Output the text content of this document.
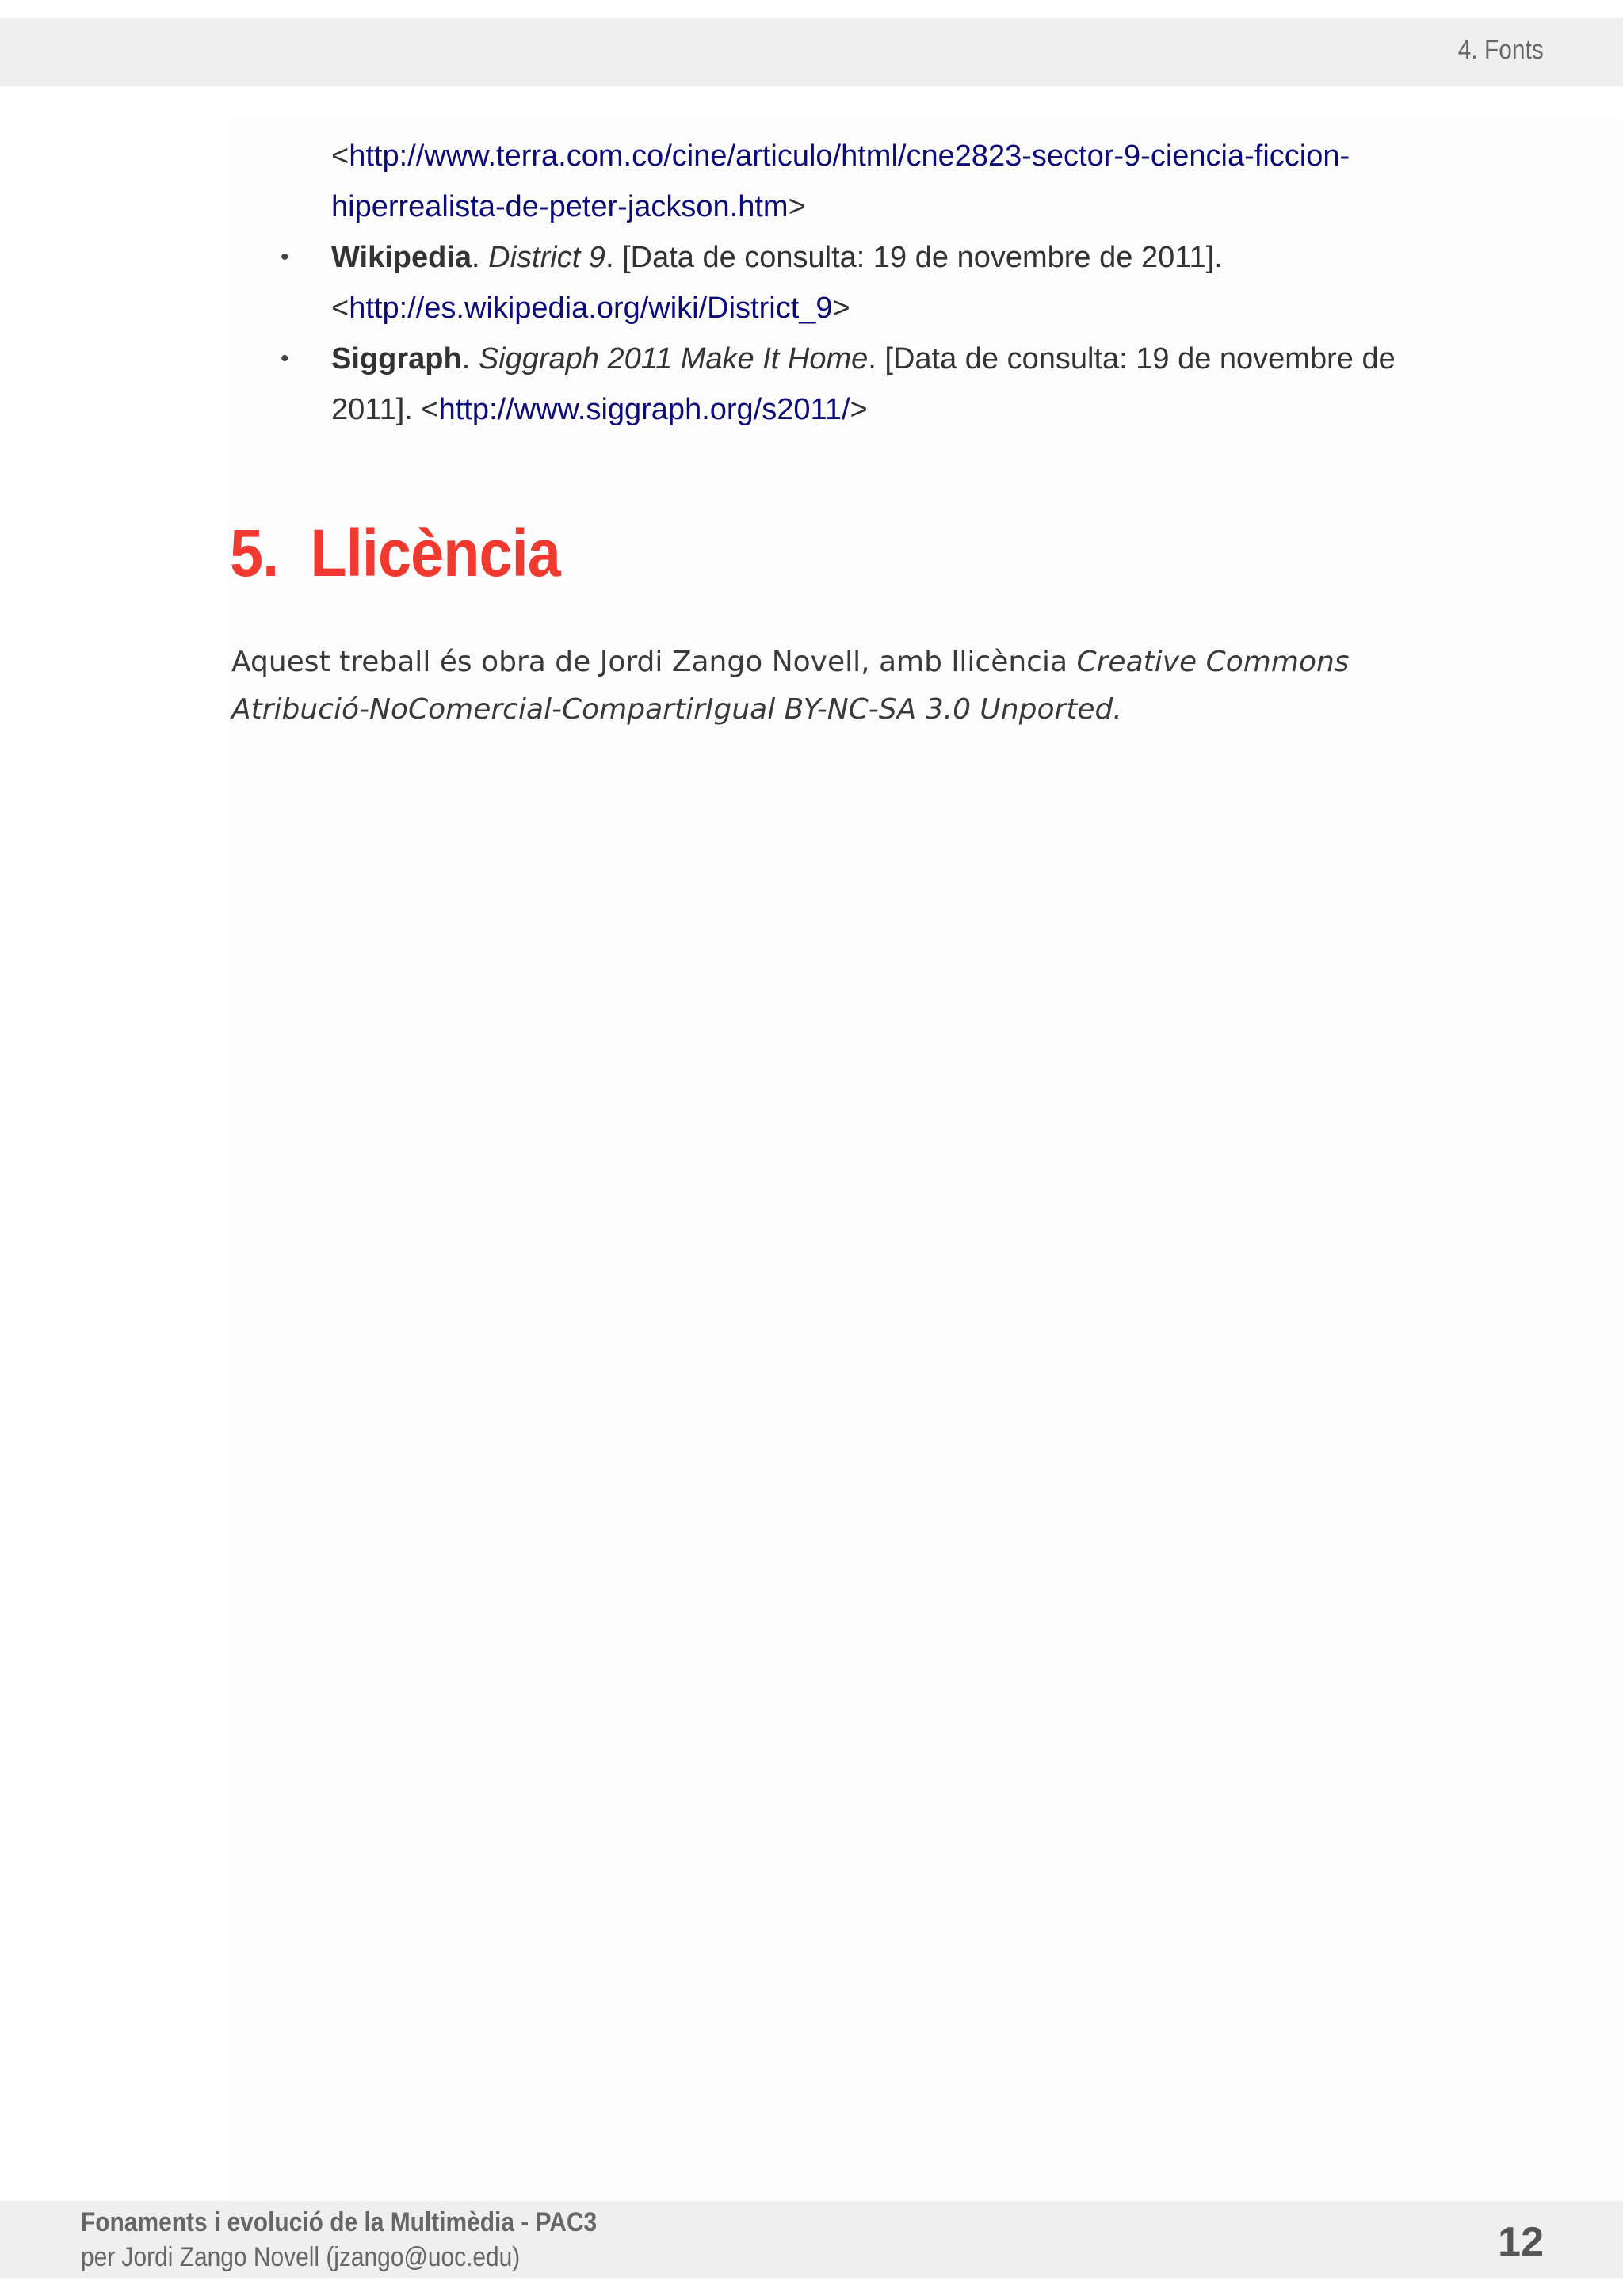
4. Fonts
<http://www.terra.com.co/cine/articulo/html/cne2823-sector-9-ciencia-ficcion-
hiperrealista-de-peter-jackson.htm>
• Wikipedia. District 9. [Data de consulta: 19 de novembre de 2011].
<http://es.wikipedia.org/wiki/District_9>
• Siggraph. Siggraph 2011 Make It Home. [Data de consulta: 19 de novembre de 2011]. <http://www.siggraph.org/s2011/>
5. Llicència

Aquest treball és obra de Jordi Zango Novell, amb llicència Creative Commons Atribució-NoComercial-CompartirIgual BY-NC-SA 3.0 Unported.

Fonaments i evolució de la Multimèdia - PAC3
per Jordi Zango Novell (jzango@uoc.edu)	12
